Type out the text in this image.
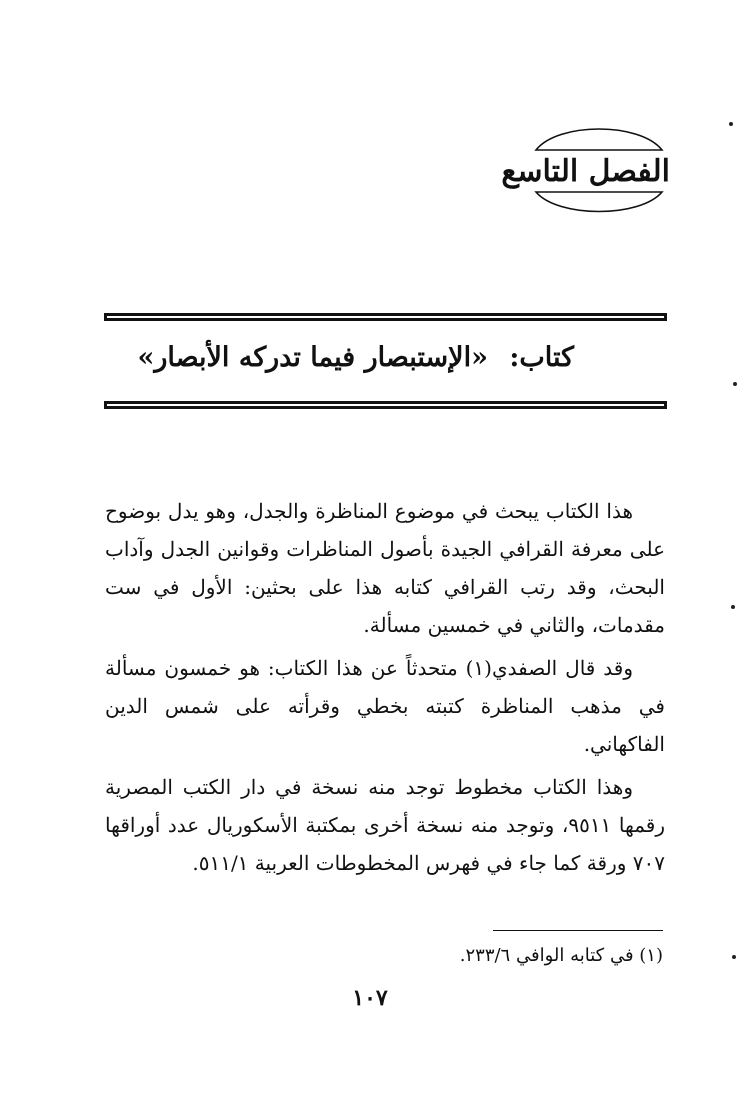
الفصل التاسع
كتاب: «الإستبصار فيما تدركه الأبصار»

هذا الكتاب يبحث في موضوع المناظرة والجدل، وهو يدل بوضوح على معرفة القرافي الجيدة بأصول المناظرات وقوانين الجدل وآداب البحث، وقد رتب القرافي كتابه هذا على بحثين: الأول في ست مقدمات، والثاني في خمسين مسألة.

وقد قال الصفدي(١) متحدثاً عن هذا الكتاب: هو خمسون مسألة في مذهب المناظرة كتبته بخطي وقرأته على شمس الدين الفاكهاني.

وهذا الكتاب مخطوط توجد منه نسخة في دار الكتب المصرية رقمها ٩٥١١، وتوجد منه نسخة أخرى بمكتبة الأسكوريال عدد أوراقها ٧٠٧ ورقة كما جاء في فهرس المخطوطات العربية ٥١١/١.

(١) في كتابه الوافي ٢٣٣/٦.
١٠٧
